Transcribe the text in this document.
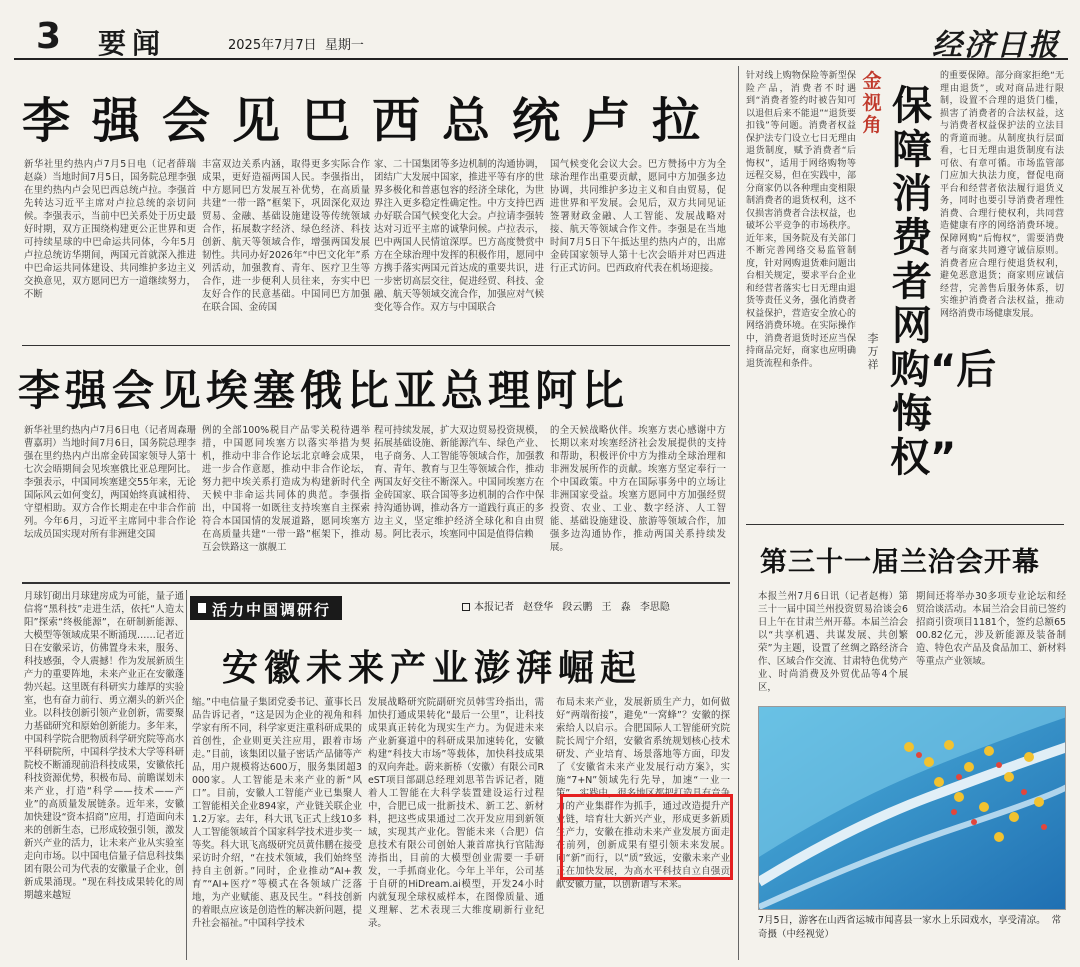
3 要闻	2025年7月7日 星期一	经济日报
李强会见巴西总统卢拉
新华社里约热内卢7月5日电（记者薛瑞 赵焱）当地时间7月5日，国务院总理李强在里约热内卢会见巴西总统卢拉。李强首先转达习近平主席对卢拉总统的亲切问候。李强表示，当前中巴关系处于历史最好时期，双方正围绕构建更公正世界和更可持续星球的中巴命运共同体，今年5月卢拉总统访华期间，两国元首就深入推进中巴命运共同体建设、共同维护多边主义交换意见，双方愿同巴方一道继续努力，不断
丰富双边关系内涵，取得更多实际合作成果，更好造福两国人民。李强指出，中方愿同巴方发展互补优势，在高质量共建“一带一路”框架下，巩固深化双边贸易、金融、基础设施建设等传统领域合作，拓展数字经济、绿色经济、科技创新、航天等领域合作，增强两国发展韧性。共同办好2026年“中巴文化年”系列活动，加强教育、青年、医疗卫生等合作，进一步便利人员往来，夯实中巴友好合作的民意基础。中国同巴方加强在联合国、金砖国
家、二十国集团等多边机制的沟通协调，团结广大发展中国家，推进平等有序的世界多极化和普惠包容的经济全球化，为世界注入更多稳定性确定性。中方支持巴西办好联合国气候变化大会。卢拉请李强转达对习近平主席的诚挚问候。卢拉表示，巴中两国人民情谊深厚。巴方高度赞赏中方在全球治理中发挥的积极作用，愿同中方携手落实两国元首达成的重要共识，进一步密切高层交往，促进经贸、科技、金融、航天等领域交流合作，加强应对气候变化等合作。双方与中国联合
国气候变化会议大会。巴方赞扬中方为全球治理作出重要贡献，愿同中方加强多边协调，共同维护多边主义和自由贸易，促进世界和平发展。会见后，双方共同见证签署财政金融、人工智能、发展战略对接、航天等领域合作文件。李强是在当地时间7月5日下午抵达里约热内卢的，出席金砖国家领导人第十七次会晤并对巴西进行正式访问。巴西政府代表在机场迎接。
李强会见埃塞俄比亚总理阿比
新华社里约热内卢7月6日电（记者周森珊 曹嘉玥）当地时间7月6日，国务院总理李强在里约热内卢出席金砖国家领导人第十七次会晤期间会见埃塞俄比亚总理阿比。李强表示，中国同埃塞建交55年来，无论国际风云如何变幻，两国始终真诚相待、守望相助。双方合作长期走在中非合作前列。今年6月，习近平主席同中非合作论坛成员国实现对所有非洲建交国
例的全部100%税目产品零关税待遇举措，中国愿同埃塞方以落实举措为契机，推动中非合作论坛北京峰会成果，进一步合作意愿，推动中非合作论坛，努力把中埃关系打造成为构建新时代全天候中非命运共同体的典范。李强指出，中国将一如既往支持埃塞自主探索符合本国国情的发展道路，愿同埃塞方在高质量共建“一带一路”框架下，推动互会铁路这一旗舰工
程可持续发展，扩大双边贸易投资规模，拓展基础设施、新能源汽车、绿色产业、电子商务、人工智能等领域合作，加强教育、青年、教育与卫生等领域合作，推动两国友好交往不断深入。中国同埃塞方在金砖国家、联合国等多边机制的合作中保持沟通协调，推动各方一道践行真正的多边主义，坚定维护经济全球化和自由贸易。阿比表示，埃塞同中国是值得信赖
的全天候战略伙伴。埃塞方衷心感谢中方长期以来对埃塞经济社会发展提供的支持和帮助，积极评价中方为推动全球治理和非洲发展所作的贡献。埃塞方坚定奉行一个中国政策。中方在国际事务中的立场让非洲国家受益。埃塞方愿同中方加强经贸投资、农业、工业、数字经济、人工智能、基础设施建设、旅游等领域合作，加强多边沟通协作，推动两国关系持续发展。
月球钉砌出月球建房成为可能，量子通信将“黑科技”走进生活，依托“人造太阳”探索“终极能源”，在研制新能源、大模型等领域成果不断涌现……记者近日在安徽采访，仿佛置身未来，服务、科技感强，令人震撼！作为发展新质生产力的重要阵地，未来产业正在安徽蓬勃兴起。这里既有科研实力雄厚的实验室，也有奋力前行、勇立潮头的新兴企业。以科技创新引领产业创新，需要聚力基础研究和原始创新能力。多年来，中国科学院合肥物质科学研究院等高水平科研院所，中国科学技术大学等科研院校不断涌现前沿科技成果，安徽依托科技资源优势，积极布局、前瞻谋划未来产业，打造“科学——技术——产业”的高质量发展链条。近年来，安徽加快建设“资本招商”应用，打造面向未来的创新生态，已形成较强引领，激发新兴产业的活力，让未来产业从实验室走向市场。以中国电信量子信息科技集团有限公司为代表的安徽量子企业，创新成果涌现。“现在科技成果转化的周期越来越短
活力中国调研行	本报记者 赵登华 段云鹏 王 淼 李思隐
安徽未来产业澎湃崛起
缩。”中电信量子集团党委书记、董事长吕品告诉记者，“这是因为企业的视角和科学家有所不同，科学家更注重科研成果的首创性，企业则更关注应用，跟着市场走。”目前，该集团以量子密话产品储等产品，用户规模将达600万，服务集团超3000家。人工智能是未来产业的新“风口”。目前，安徽人工智能产业已集聚人工智能相关企业894家，产业链关联企业1.2万家。去年，科大讯飞正式上线10多人工智能领域首个国家科学技术进步奖一等奖。科大讯飞高级研究员黄伟鹏在接受采访时介绍，“在技术领域，我们始终坚持自主创新。”同时，企业推动“AI+教育”“AI+医疗”等模式在各领域广泛落地，为产业赋能、惠及民生。“科技创新的着眼点应该是创造性的解决新问题，提升社会福祉。”中国科学技术
发展战略研究院副研究员韩雪玲指出，需加快打通成果转化“最后一公里”，让科技成果真正转化为现实生产力。为促进未来产业新赛道中的科研成果加速转化，安徽构建“科技大市场”等载体，加快科技成果的双向奔赴。蔚来新桥（安徽）有限公司ReST项目部副总经理刘思苇告诉记者，随着人工智能在大科学装置建设运行过程中，合肥已成一批新技术、新工艺、新材料，把这些成果通过二次开发应用到新领域，实现其产业化。智能未来（合肥）信息技术有限公司创始人兼首席执行官陆海涛指出，目前的大模型创业需要一手研发，一手抓商业化。今年上半年，公司基于自研的HiDream.ai模型，开发24小时内就复现全球权威样本，在图像质量、通义理解、艺术表现三大维度刷新行业纪录。
布局未来产业，发展新质生产力，如何做好“两端衔接”，避免“一窝蜂”？安徽的探索给人以启示。合肥国际人工智能研究院院长周宁介绍，安徽省系统规划核心技术研发、产业培育、场景落地等方面，印发了《安徽省未来产业发展行动方案》，实施“7+N”领域先行先导，加速“一业一策”。实践中，很多地区都把打造具有竞争力的产业集群作为抓手，通过改造提升产业链，培育壮大新兴产业，形成更多新质生产力，安徽在推动未来产业发展方面走在前列，创新成果有望引领未来发展。向“新”而行，以“质”致远，安徽未来产业正在加快发展，为高水平科技自立自强贡献安徽力量，以创新谱写未来。
针对线上购物保险等新型保险产品，消费者不时遇到“消费者签约时被告知可以退但后来不能退”“退货要扣钱”等问题。消费者权益保护法专门设立七日无理由退货制度，赋予消费者“后悔权”，适用于网络购物等远程交易，但在实践中，部分商家仍以各种理由变相限制消费者的退货权利，这不仅损害消费者合法权益，也破坏公平竞争的市场秩序。近年来，国务院及有关部门不断完善网络交易监管制度，针对网购退货难问题出台相关规定，要求平台企业和经营者落实七日无理由退货等责任义务，强化消费者权益保护，营造安全放心的网络消费环境。在实际操作中，消费者退货时还应当保持商品完好，商家也应明确退货流程和条件。
金视角 保障消费者网购“后悔权”
李万祥
的重要保障。部分商家拒绝“无理由退货”，或对商品进行限制，设置不合理的退货门槛，损害了消费者的合法权益，这与消费者权益保护法的立法目的背道而驰。从制度执行层面看，七日无理由退货制度有法可依、有章可循。市场监管部门应加大执法力度，督促电商平台和经营者依法履行退货义务，同时也要引导消费者理性消费、合理行使权利，共同营造健康有序的网络消费环境。保障网购“后悔权”，需要消费者与商家共同遵守诚信原则。消费者应合理行使退货权利，避免恶意退货；商家则应诚信经营，完善售后服务体系，切实维护消费者合法权益，推动网络消费市场健康发展。
第三十一届兰洽会开幕
本报兰州7月6日讯（记者赵梅）第三十一届中国兰州投资贸易洽谈会6日上午在甘肃兰州开幕。本届兰洽会以“共享机遇、共谋发展、共创繁荣”为主题，设置了丝绸之路经济合作、区域合作交流、甘肃特色优势产业、时尚消费及外贸优品等4个展区，
期间还将举办30多项专业论坛和经贸洽谈活动。本届兰洽会目前已签约招商引资项目1181个，签约总额6500.82亿元，涉及新能源及装备制造、特色农产品及食品加工、新材料等重点产业领域。
7月5日，游客在山西省运城市闻喜县一家水上乐园戏水，享受清凉。 常 奇摄（中经视觉）
